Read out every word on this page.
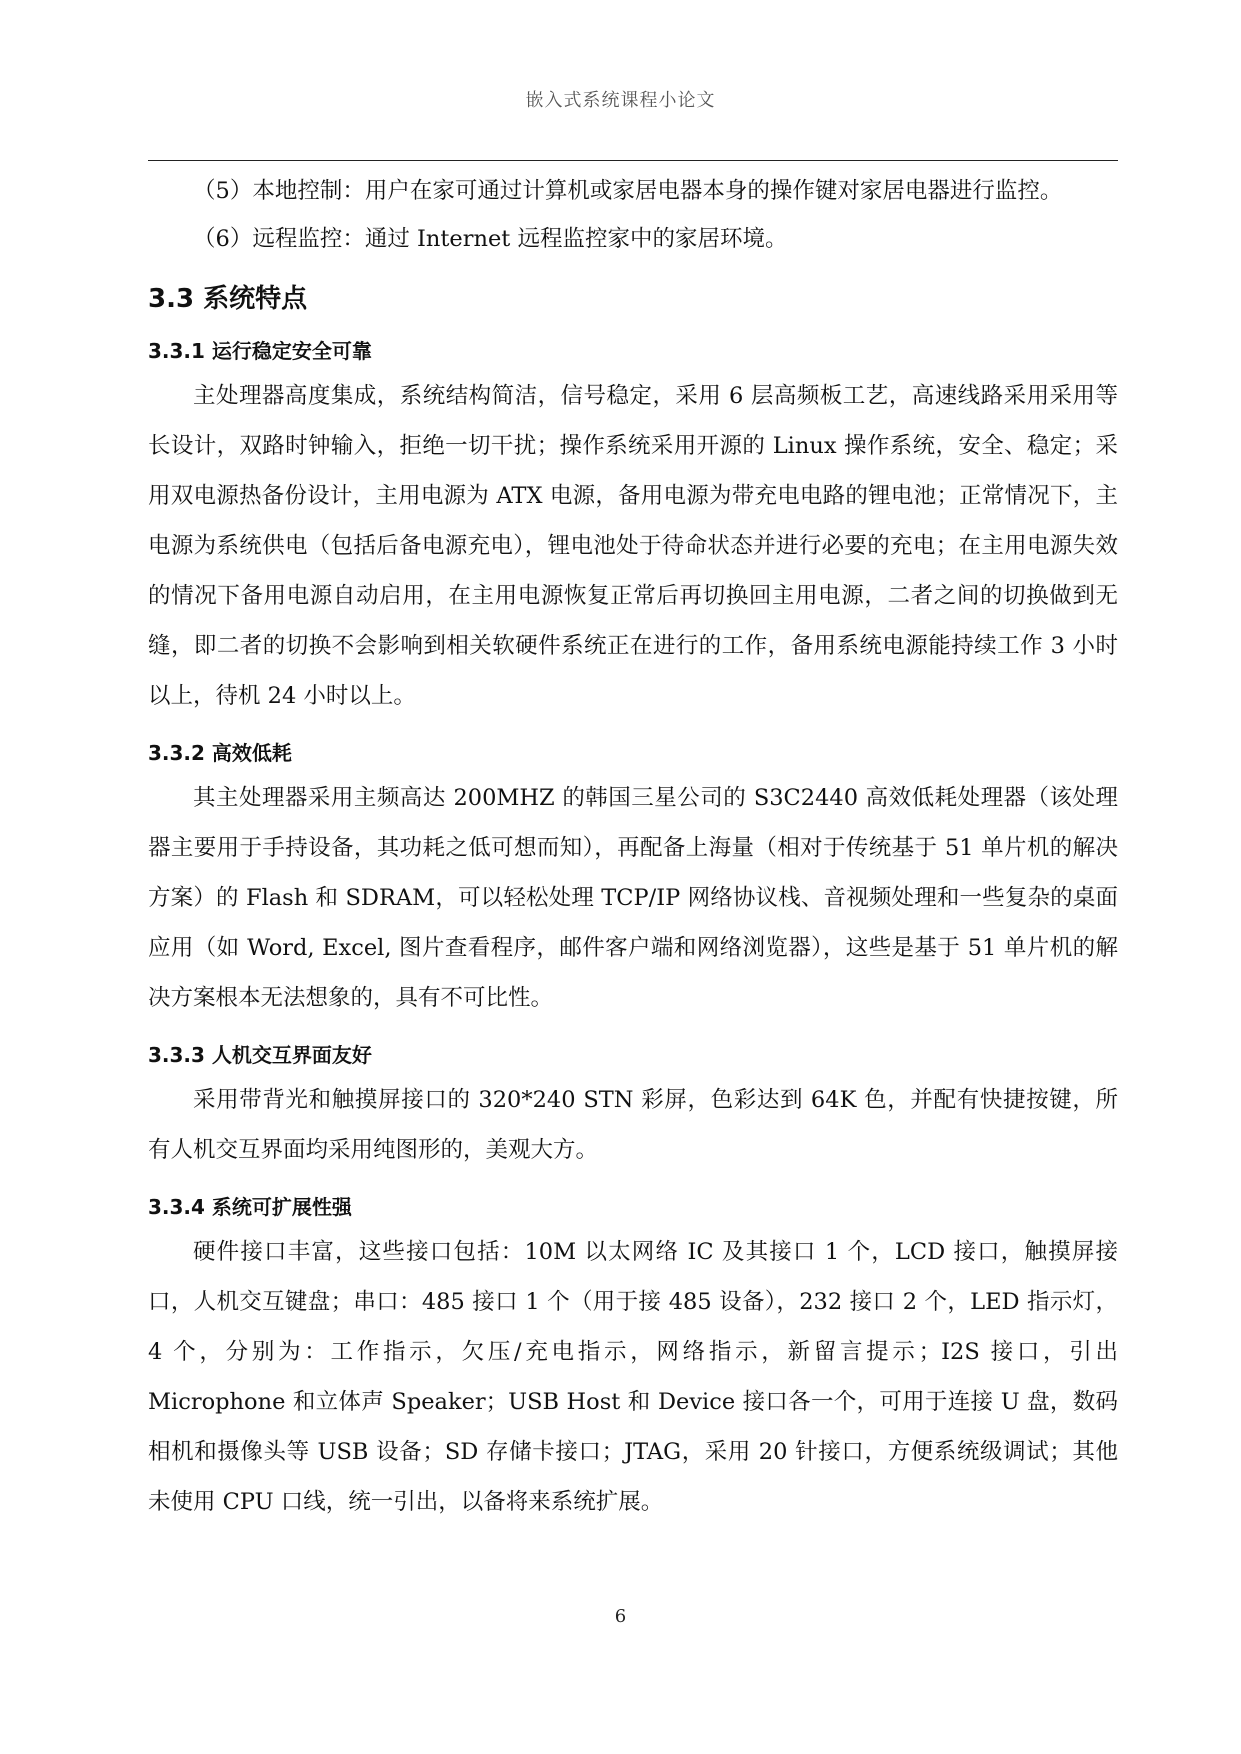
嵌入式系统课程小论文

（5）本地控制：用户在家可通过计算机或家居电器本身的操作键对家居电器进行监控。

（6）远程监控：通过 Internet 远程监控家中的家居环境。

3.3 系统特点
3.3.1 运行稳定安全可靠

主处理器高度集成，系统结构简洁，信号稳定，采用 6 层高频板工艺，高速线路采用采用等长设计，双路时钟输入，拒绝一切干扰；操作系统采用开源的 Linux 操作系统，安全、稳定；采用双电源热备份设计，主用电源为 ATX 电源，备用电源为带充电电路的锂电池；正常情况下，主电源为系统供电（包括后备电源充电），锂电池处于待命状态并进行必要的充电；在主用电源失效的情况下备用电源自动启用，在主用电源恢复正常后再切换回主用电源，二者之间的切换做到无缝，即二者的切换不会影响到相关软硬件系统正在进行的工作，备用系统电源能持续工作 3 小时以上，待机 24 小时以上。

3.3.2 高效低耗

其主处理器采用主频高达 200MHZ 的韩国三星公司的 S3C2440 高效低耗处理器（该处理器主要用于手持设备，其功耗之低可想而知），再配备上海量（相对于传统基于 51 单片机的解决方案）的 Flash 和 SDRAM，可以轻松处理 TCP/IP 网络协议栈、音视频处理和一些复杂的桌面应用（如 Word, Excel, 图片查看程序，邮件客户端和网络浏览器），这些是基于 51 单片机的解决方案根本无法想象的，具有不可比性。

3.3.3 人机交互界面友好

采用带背光和触摸屏接口的 320*240 STN 彩屏，色彩达到 64K 色，并配有快捷按键，所有人机交互界面均采用纯图形的，美观大方。

3.3.4 系统可扩展性强

硬件接口丰富，这些接口包括：10M 以太网络 IC 及其接口 1 个，LCD 接口，触摸屏接口，人机交互键盘；串口：485 接口 1 个（用于接 485 设备），232 接口 2 个，LED 指示灯，4 个，分别为：工作指示，欠压/充电指示，网络指示，新留言提示；I2S 接口，引出 Microphone 和立体声 Speaker；USB Host 和 Device 接口各一个，可用于连接 U 盘，数码相机和摄像头等 USB 设备；SD 存储卡接口；JTAG，采用 20 针接口，方便系统级调试；其他未使用 CPU 口线，统一引出，以备将来系统扩展。

6
